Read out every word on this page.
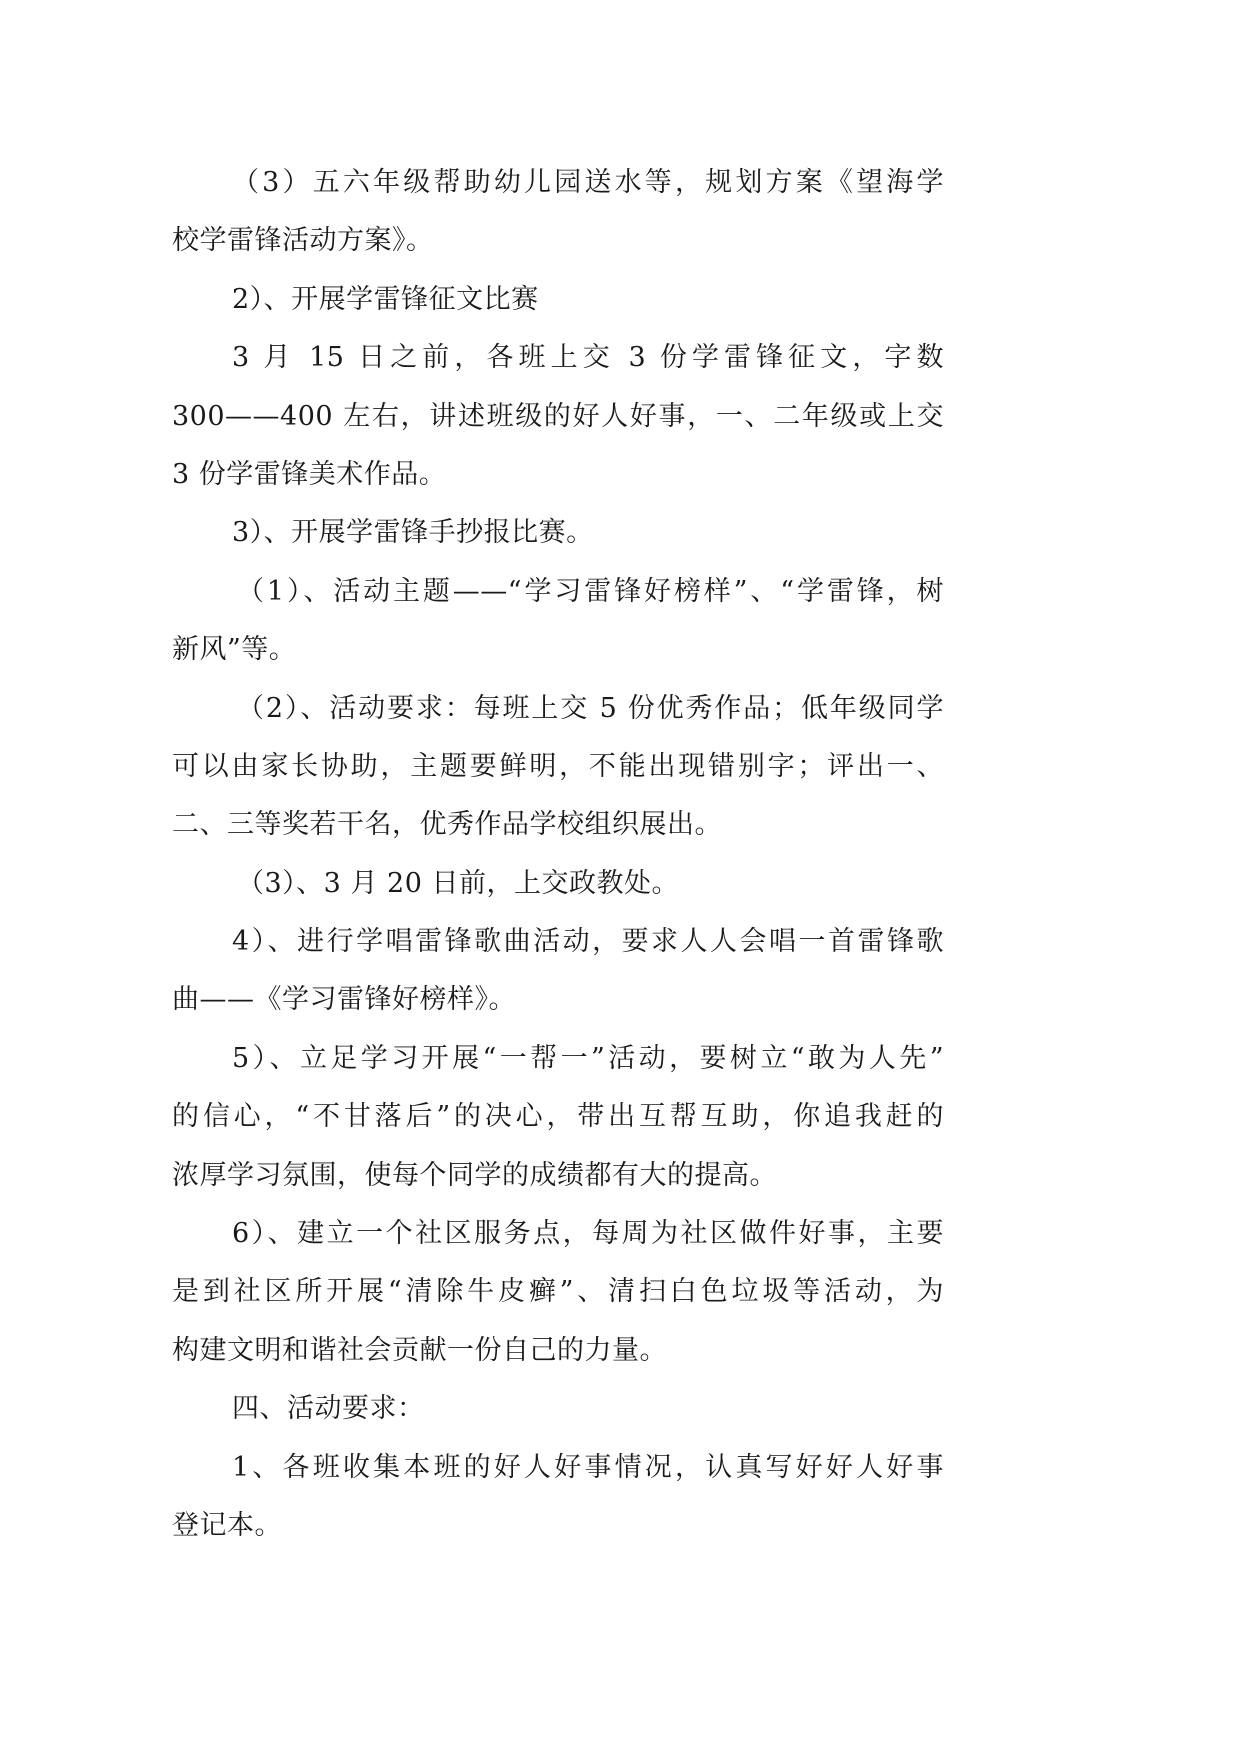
（3）五六年级帮助幼儿园送水等，规划方案《望海学
校学雷锋活动方案》。
2）、开展学雷锋征文比赛
3 月 15 日之前，各班上交 3 份学雷锋征文，字数
300——400 左右，讲述班级的好人好事，一、二年级或上交
3 份学雷锋美术作品。
3）、开展学雷锋手抄报比赛。
（1）、活动主题——“学习雷锋好榜样”、“学雷锋，树
新风”等。
（2）、活动要求：每班上交 5 份优秀作品；低年级同学
可以由家长协助，主题要鲜明，不能出现错别字；评出一、
二、三等奖若干名，优秀作品学校组织展出。
（3）、3 月 20 日前，上交政教处。
4）、进行学唱雷锋歌曲活动，要求人人会唱一首雷锋歌
曲——《学习雷锋好榜样》。
5）、立足学习开展“一帮一”活动，要树立“敢为人先”
的信心，“不甘落后”的决心，带出互帮互助，你追我赶的
浓厚学习氛围，使每个同学的成绩都有大的提高。
6）、建立一个社区服务点，每周为社区做件好事，主要
是到社区所开展“清除牛皮癣”、清扫白色垃圾等活动，为
构建文明和谐社会贡献一份自己的力量。
四、活动要求：
1、各班收集本班的好人好事情况，认真写好好人好事
登记本。
